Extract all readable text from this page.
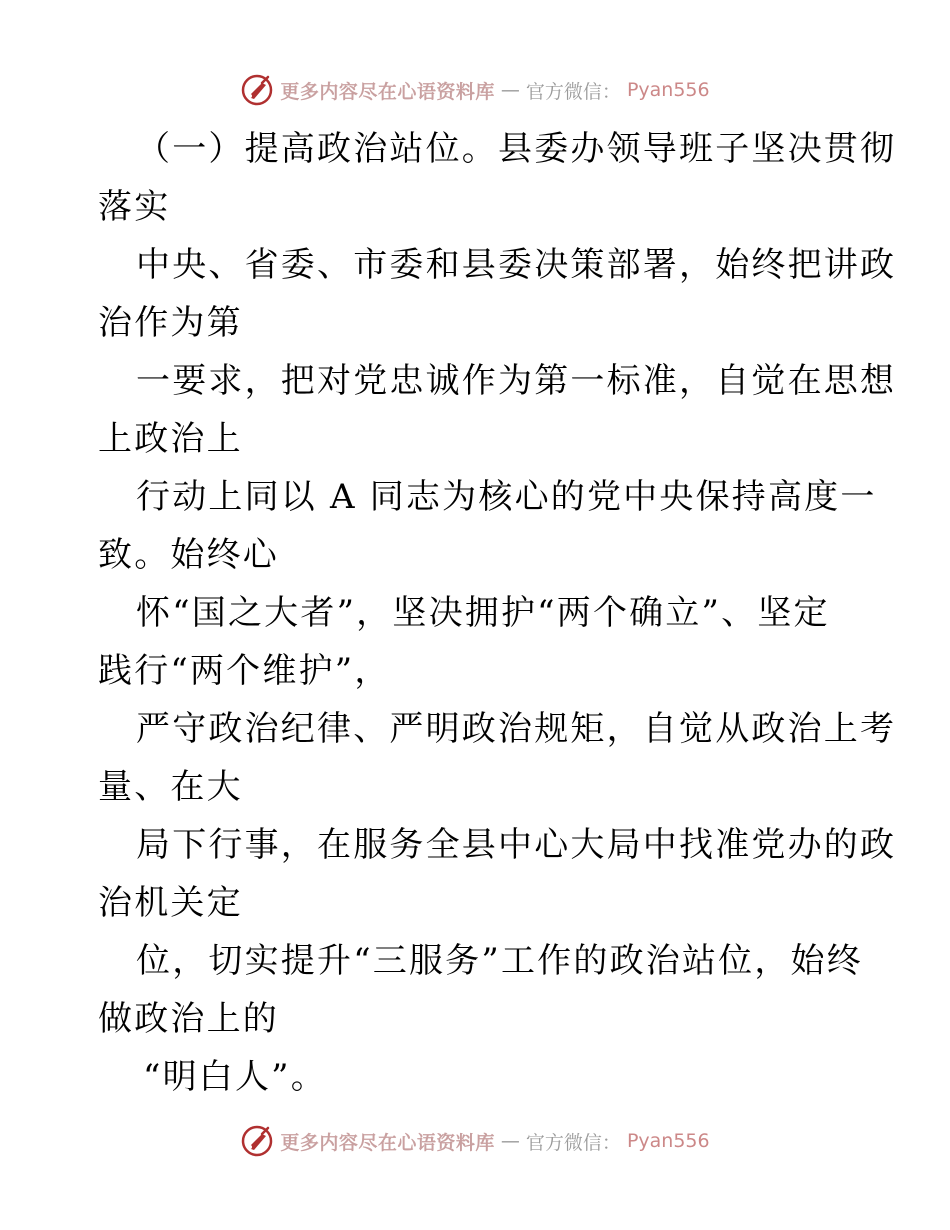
更多内容尽在心语资料库 — 官方微信： Pyan556
（一）提高政治站位。县委办领导班子坚决贯彻
落实
中央、省委、市委和县委决策部署，始终把讲政
治作为第
一要求，把对党忠诚作为第一标准，自觉在思想
上政治上
行动上同以 A 同志为核心的党中央保持高度一
致。始终心
怀“国之大者”，坚决拥护“两个确立”、坚定
践行“两个维护”，
严守政治纪律、严明政治规矩，自觉从政治上考
量、在大
局下行事，在服务全县中心大局中找准党办的政
治机关定
位，切实提升“三服务”工作的政治站位，始终
做政治上的
“明白人”。
更多内容尽在心语资料库 — 官方微信： Pyan556
